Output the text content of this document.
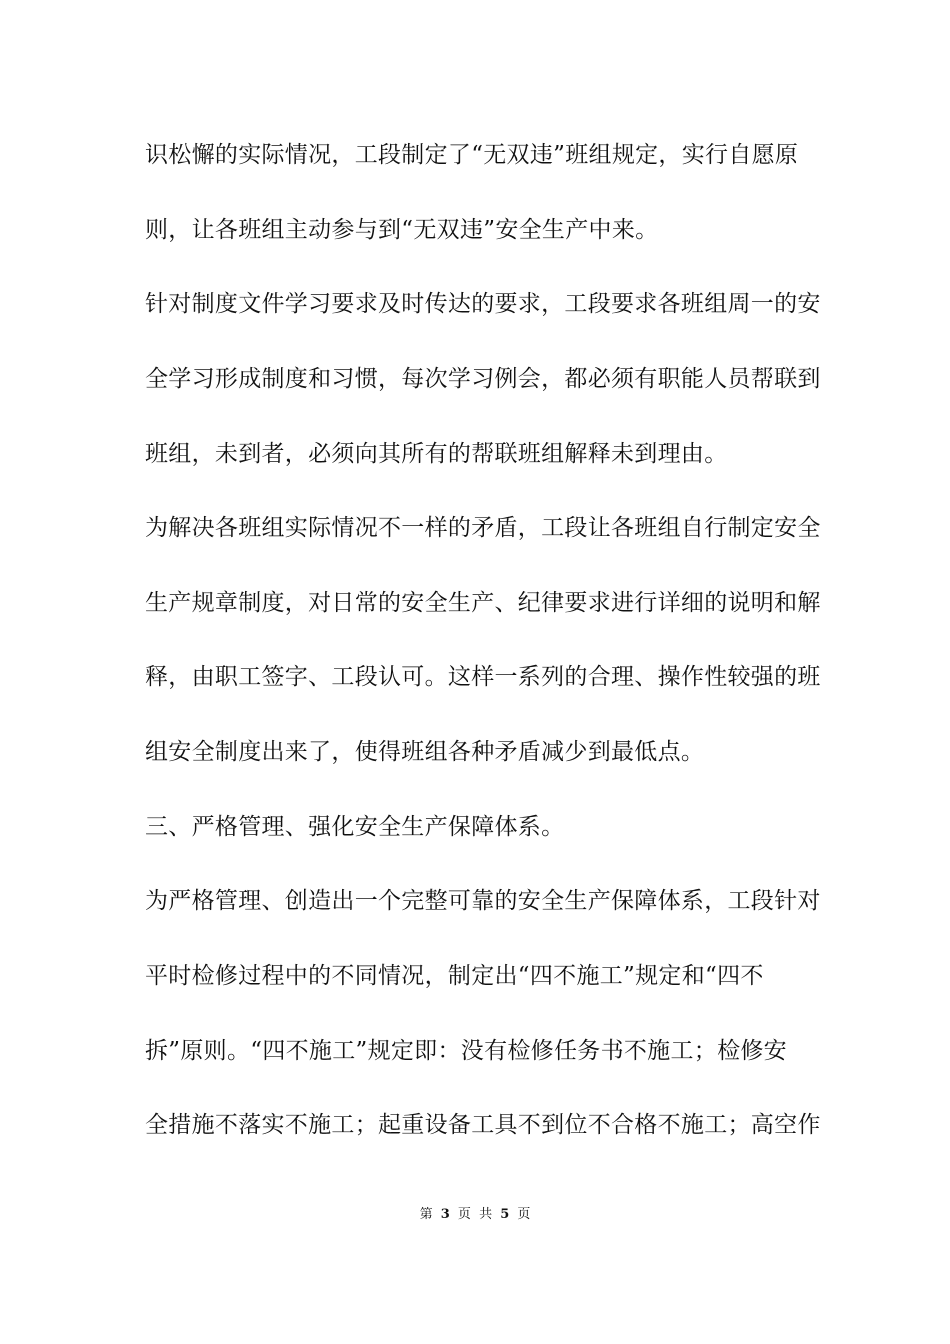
识松懈的实际情况，工段制定了“无双违”班组规定，实行自愿原
则，让各班组主动参与到“无双违”安全生产中来。
针对制度文件学习要求及时传达的要求，工段要求各班组周一的安
全学习形成制度和习惯，每次学习例会，都必须有职能人员帮联到
班组，未到者，必须向其所有的帮联班组解释未到理由。
为解决各班组实际情况不一样的矛盾，工段让各班组自行制定安全
生产规章制度，对日常的安全生产、纪律要求进行详细的说明和解
释，由职工签字、工段认可。这样一系列的合理、操作性较强的班
组安全制度出来了，使得班组各种矛盾减少到最低点。
三、严格管理、强化安全生产保障体系。
为严格管理、创造出一个完整可靠的安全生产保障体系，工段针对
平时检修过程中的不同情况，制定出“四不施工”规定和“四不
拆”原则。“四不施工”规定即：没有检修任务书不施工；检修安
全措施不落实不施工；起重设备工具不到位不合格不施工；高空作
第 3 页 共 5 页
